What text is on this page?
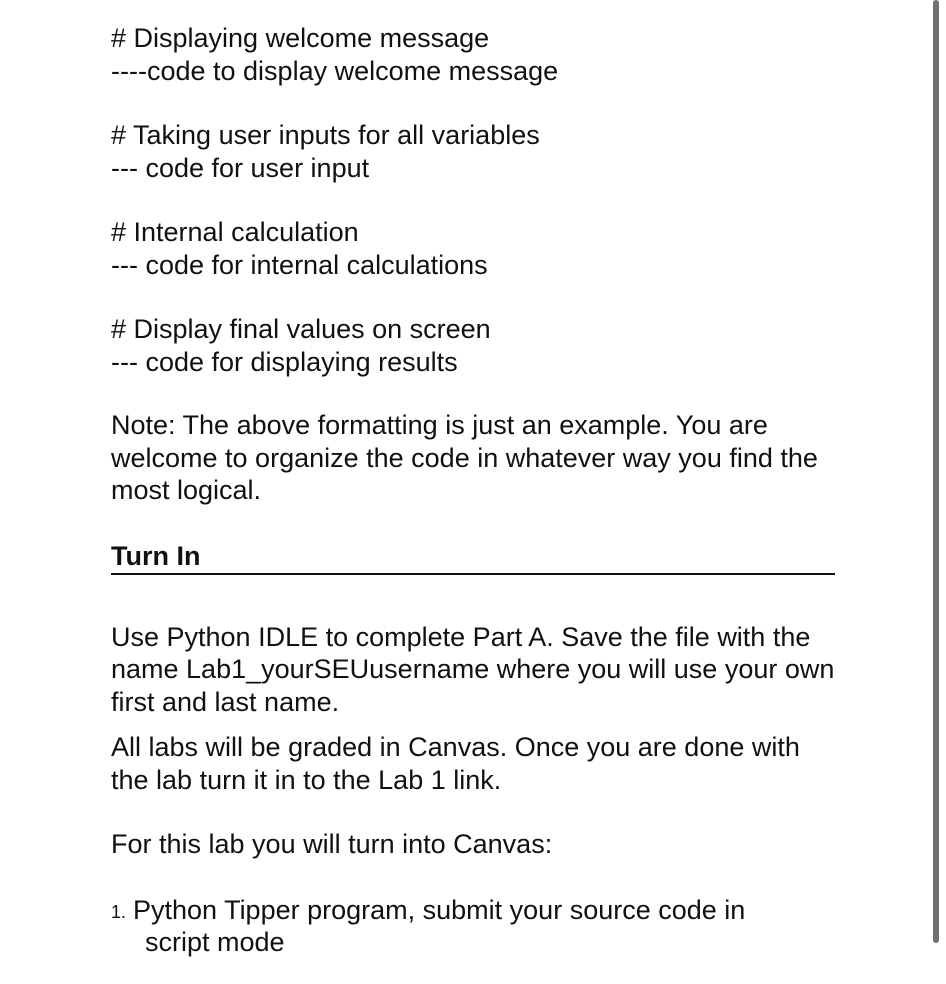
# Displaying welcome message

----code to display welcome message

# Taking user inputs for all variables

--- code for user input

# Internal calculation

--- code for internal calculations

# Display final values on screen

--- code for displaying results

Note: The above formatting is just an example. You are welcome to organize the code in whatever way you find the most logical.

Turn In

Use Python IDLE to complete Part A. Save the file with the name Lab1_yourSEUusername where you will use your own first and last name.

All labs will be graded in Canvas. Once you are done with the lab turn it in to the Lab 1 link.

For this lab you will turn into Canvas:

1. Python Tipper program, submit your source code in
script mode
